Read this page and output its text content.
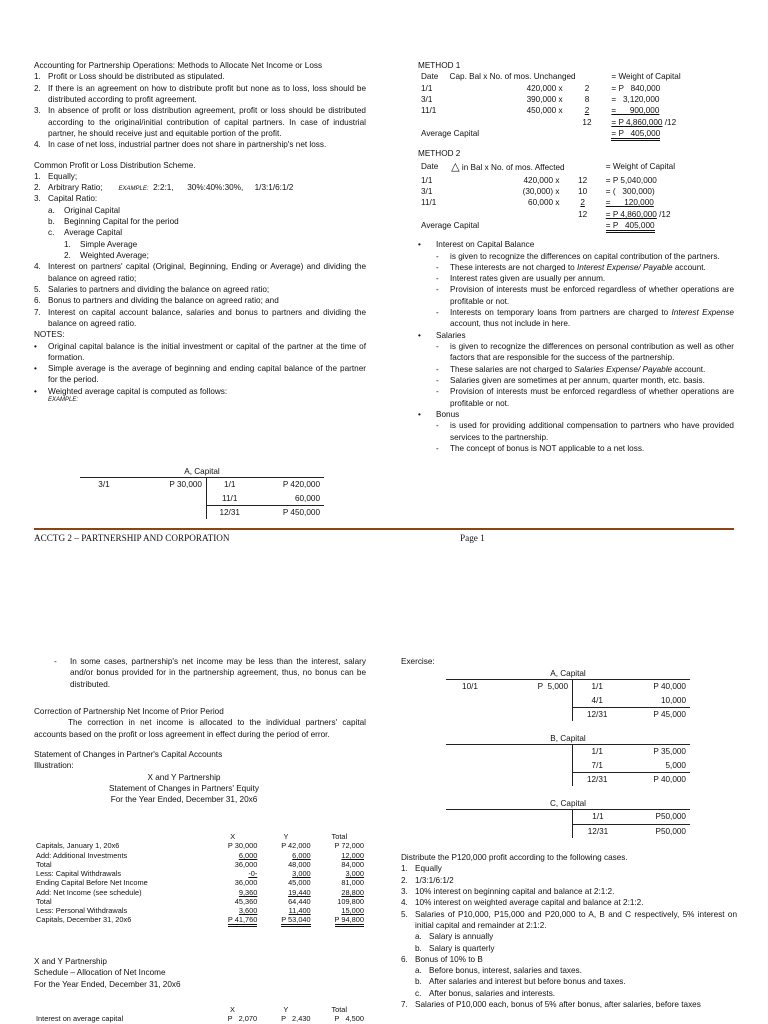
Accounting for Partnership Operations: Methods to Allocate Net Income or Loss

1. Profit or Loss should be distributed as stipulated.
2. If there is an agreement on how to distribute profit but none as to loss, loss should be distributed according to profit agreement.
3. In absence of profit or loss distribution agreement, profit or loss should be distributed according to the original/initial contribution of capital partners. In case of industrial partner, he should receive just and equitable portion of the profit.
4. In case of net loss, industrial partner does not share in partnership's net loss.

Common Profit or Loss Distribution Scheme.

1. Equally;
2. Arbitrary Ratio;	EXAMPLE: 2:2:1,      30%:40%:30%,     1/3:1/6:1/2
3. Capital Ratio:
a.	Original Capital
b.	Beginning Capital for the period
c.	Average Capital
1.	Simple Average
2.	Weighted Average;
4. Interest on partners' capital (Original, Beginning, Ending or Average) and dividing the balance on agreed ratio;
5. Salaries to partners and dividing the balance on agreed ratio;
6. Bonus to partners and dividing the balance on agreed ratio; and
7. Interest on capital account balance, salaries and bonus to partners and dividing the balance on agreed ratio.

NOTES:

•	Original capital balance is the initial investment or capital of the partner at the time of formation.
•	Simple average is the average of beginning and ending capital balance of the partner for the period.
•	Weighted average capital is computed as follows:

EXAMPLE:

A, Capital
3/1	P 30,000	1/1	P 420,000
		11/1	60,000
		12/31	P 450,000

METHOD 1

Date	Cap. Bal x No. of mos. Unchanged		= Weight of Capital	
1/1	420,000 x	2	= P   840,000	
3/1	390,000 x	8	=   3,120,000	
11/1	450,000 x	2	=      900,000	
		12	= P 4,860,000 /12	
Average Capital			= P   405,000	

METHOD 2

Date	△ in Bal x No. of mos. Affected		= Weight of Capital	
1/1	420,000 x	12	= P 5,040,000	
3/1	(30,000) x	10	= (   300,000)	
11/1	60,000 x	2	=      120,000	
		12	= P 4,860,000 /12	
Average Capital			= P   405,000	
•	Interest on Capital Balance
-	is given to recognize the differences on capital contribution of the partners.
-	These interests are not charged to Interest Expense/ Payable account.
-	Interest rates given are usually per annum.
-	Provision of interests must be enforced regardless of whether operations are profitable or not.
-	Interests on temporary loans from partners are charged to Interest Expense account, thus not include in here.
•	Salaries
-	is given to recognize the differences on personal contribution as well as other factors that are responsible for the success of the partnership.
-	These salaries are not charged to Salaries Expense/ Payable account.
-	Salaries given are sometimes at per annum, quarter month, etc. basis.
-	Provision of interests must be enforced regardless of whether operations are profitable or not.
•	Bonus
-	is used for providing additional compensation to partners who have provided services to the partnership.
-	The concept of bonus is NOT applicable to a net loss.
ACCTG 2 – PARTNERSHIP AND CORPORATION	Page 1
-	In some cases, partnership's net income may be less than the interest, salary and/or bonus provided for in the partnership agreement, thus, no bonus can be distributed.

Correction of Partnership Net Income of Prior Period

The correction in net income is allocated to the individual partners' capital accounts based on the profit or loss agreement in effect during the period of error.

Statement of Changes in Partner's Capital Accounts

Illustration:

X and Y Partnership

Statement of Changes in Partners' Equity

For the Year Ended, December 31, 20x6

	X	Y	Total
Capitals, January 1, 20x6	P 30,000	P 42,000	P 72,000
Add: Additional Investments	6,000	6,000	12,000
Total	36,000	48,000	84,000
Less: Capital Withdrawals	-0-	3,000	3,000
Ending Capital Before Net Income	36,000	45,000	81,000
Add: Net Income (see schedule)	9,360	19,440	28,800
Total	45,360	64,440	109,800
Less: Personal Withdrawals	3,600	11,400	15,000
Capitals, December 31, 20x6	P 41,760	P 53,040	P 94,800

X and Y Partnership

Schedule – Allocation of Net Income

For the Year Ended, December 31, 20x6

	X	Y	Total
Interest on average capital	P   2,070	P   2,430	P   4,500
Exercise:
A, Capital
10/1	P  5,000	1/1	P 40,000
		4/1	10,000
		12/31	P 45,000
B, Capital
		1/1	P 35,000
		7/1	5,000
		12/31	P 40,000
C, Capital
		1/1	P50,000
		12/31	P50,000

Distribute the P120,000 profit according to the following cases.

1. Equally
2. 1/3:1/6:1/2
3. 10% interest on beginning capital and balance at 2:1:2.
4. 10% interest on weighted average capital and balance at 2:1:2.
5. Salaries of P10,000, P15,000 and P20,000 to A, B and C respectively, 5% interest on initial capital and remainder at 2:1:2.
a. Salary is annually
b. Salary is quarterly
6. Bonus of 10% to B
a. Before bonus, interest, salaries and taxes.
b. After salaries and interest but before bonus and taxes.
c. After bonus, salaries and interests.
7. Salaries of P10,000 each, bonus of 5% after bonus, after salaries, before taxes
